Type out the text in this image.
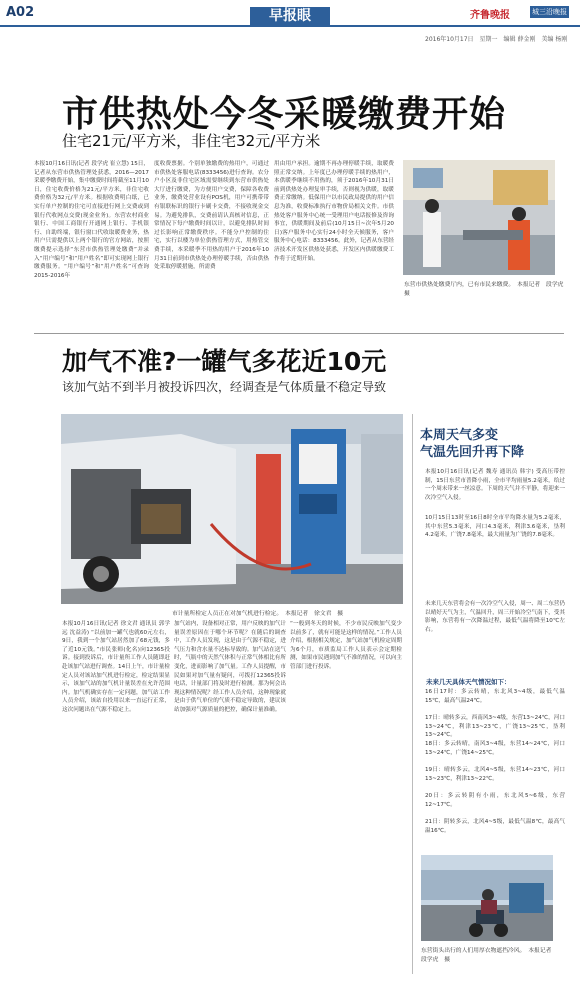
A02	早报眼	齐鲁晚报	城三沿晚报
2016年10月17日　星期一　编辑 薛金刚　美编 杨刚
市供热处今冬采暖缴费开始
住宅21元/平方米，非住宅32元/平方米
本报10月16日讯(记者 段学虎 崔立慧) 15日，记者从东营市供热管理处获悉，2016—2017采暖季缴费开始，集中缴费时间将截至11月10日，住宅收费价格为21元/平方米，非住宅收费价格为32元/平方米。根据收费明白纸，已实行单户控制的住宅可直接进行网上交费或到银行代收网点交费(现金业务)。东营农村商业银行、中国工商银行开通网上银行、手机银行、自助终端，银行窗口代收取暖费业务，热用户只需提供以上两个银行的官方网站，按照缴费提示选择“东营市供热管理处缴费”并录入“用户编号”和“用户姓名”即可实现网上银行缴费服务。“用户编号”和“用户姓名”可查询2015-2016年
度收费票据。个别单独缴费的热用户，可通过市供热处客服电话(8333456)进行查询。农分户小区及非住宅区域需要继续到东营市供热处大厅进行缴费，为方便用户交费，保障各收费业务，缴费处营业设有POS机，用户可携带带有银联标识的银行卡刷卡交费，不接收现金交易。为避免排队，交费前请认真核对信息，正常情况下每户缴费时间以计，以避免排队时间过长影响正常缴费秩序。不能分户控制的住宅，实行以楼为单位供热管理方式，用热管交费手续，本采暖季不用热的用户于2016年10月31日前到市供热处办理停暖手续，否由供热处采取停暖措施，所需费
用由用户承担。逾期不再办理停暖手续，取暖费照正常交纳。上年度已办理停暖手续的热用户，本供暖季继续不用热的，须于2016年10月31日前到供热处办理复审手续，否则视为供暖，取暖费正常缴纳。低保用户以市民政局提供的用户信息为准，收费标准执行市物价局相关文件。市供热处客户服务中心统一受理用户电话报修及咨询事宜，供暖期间及前后(10月15日~次年5月20日)客户服务中心实行24小时全天候服务，客户服务中心电话：8333456。此外，记者从东营经济技术开发区供热处获悉，开发区内供暖缴费工作将于近期开始。
东营市供热处缴费厅内，已有市民来缴费。　本报记者　段学虎　摄
加气不准?一罐气多花近10元
该加气站不到半月被投诉四次，经调查是气体质量不稳定导致
市计量所检定人员正在对加气机进行检定。　本报记者　徐文君　摄
本报10月16日讯(记者 徐文君 通讯员 郭学远 沈益涛) “以前加一罐气也就60元左右，9日，我到一个加气站居然加了68元钱，多了近10元钱。”市民张师(化名)向12365投诉。接到投诉后，市计量所工作人员随即赶赴该加气站进行调查。14日上午，市计量检定人员对该站加气机进行检定，检定结果显示，该加气站的加气机计量误差在允许范围内。加气机确实存在一定问题，加气站工作人员介绍，该站自投用以来一直运行正常，这次问题出在气源不稳定上。
加气站内，设备相对正常，用户反映的加气计量误差原因在于哪个环节呢？在随后的调查中，工作人员发现，这是由于气源不稳定，进气压力和含水量不达标导致的。加气站在送气时，气瓶中的天然气体积与正常气体相比有所变化，进而影响了加气量。工作人员提醒，市民如果对加气量有疑问，可拨打12365投诉电话，计量部门将及时进行检测。那为何会出现这种情况呢？经工作人员介绍，这种现象就是由于供气单位的气质不稳定导致的，建议该站加强对气源质量的把控，确保计量准确。
“一般到冬天的时候，不少市民反映加气变少以前多了，就有可能是这样的情况。”工作人员介绍，根据相关规定，加气站加气机检定周期为6个月，市质监局工作人员表示会定期检测，如果市民遇到加气不准的情况，可以向主管部门进行投诉。
本周天气多变
气温先回升再下降
本报10月16日讯(记者 魏寿 通讯员 韩宇) 受高压带控制，15日东营市普降小雨，全市平均雨量5.2毫米，给过一个周末带来一丝凉意。下周的天气并不平静，将迎来一次冷空气入侵。
10月15日13时至16日8时全市平均降水量为5.2毫米，其中东营5.3毫米，河口4.3毫米，利津3.6毫米，垦利4.2毫米，广饶7.8毫米，最大雨量为广饶的7.8毫米。
未来几天东营将会有一次冷空气入侵，周一、周二东营仍以晴好天气为主，气温回升，周三开始冷空气南下，受其影响，东营将有一次降温过程，最低气温将降至10℃左右。
未来几天具体天气情况如下：
16日17时：多云转晴，东北风3~4级，最低气温15℃，最高气温24℃。
17日：晴转多云，西南风3~4级，东营13~24℃，河口13~24℃，利津13~23℃，广饶13~25℃，垦利13~24℃。
18日：多云转晴，南风3~4级，东营14~24℃，河口13~24℃，广饶14~25℃。
19日：晴转多云，北风4~5级，东营14~23℃，河口13~23℃，利津13~22℃。
20日：多云转阴有小雨，东北风5~6级，东营12~17℃。
21日：阴转多云，北风4~5级，最低气温8℃，最高气温16℃。
东营街头出行的人们用厚衣物遮挡冷风。　本报记者　段学虎　摄
